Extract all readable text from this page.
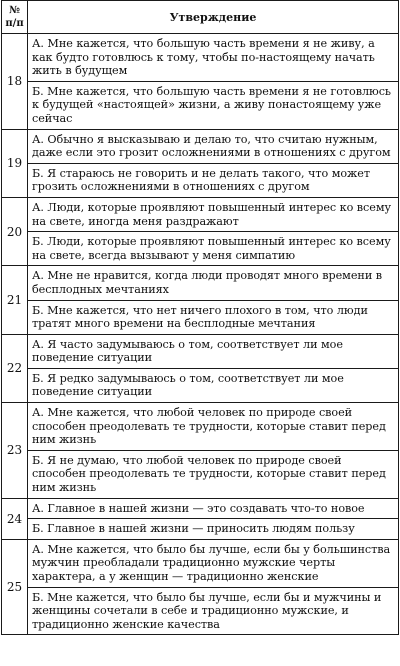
№
п/п	Утверждение
18	А. Мне кажется, что большую часть времени я не живу, а как будто готовлюсь к тому, чтобы по-настоящему начать жить в будущем
	Б. Мне кажется, что большую часть времени я не готовлюсь к будущей «настоящей» жизни, а живу понастоящему уже сейчас
19	А. Обычно я высказываю и делаю то, что считаю нужным, даже если это грозит осложнениями в отношениях с другом
	Б. Я стараюсь не говорить и не делать такого, что может грозить осложнениями в отношениях с другом
20	А. Люди, которые проявляют повышенный интерес ко всему на свете, иногда меня раздражают
	Б. Люди, которые проявляют повышенный интерес ко всему на свете, всегда вызывают у меня симпатию
21	А. Мне не нравится, когда люди проводят много времени в бесплодных мечтаниях
	Б. Мне кажется, что нет ничего плохого в том, что люди тратят много времени на бесплодные мечтания
22	А. Я часто задумываюсь о том, соответствует ли мое поведение ситуации
	Б. Я редко задумываюсь о том, соответствует ли мое поведение ситуации
23	А. Мне кажется, что любой человек по природе своей способен преодолевать те трудности, которые ставит перед ним жизнь
	Б. Я не думаю, что любой человек по природе своей способен преодолевать те трудности, которые ставит перед ним жизнь
24	А. Главное в нашей жизни — это создавать что-то новое
	Б. Главное в нашей жизни — приносить людям пользу
25	А. Мне кажется, что было бы лучше, если бы у большинства мужчин преобладали традиционно мужские черты характера, а у женщин — традиционно женские
	Б. Мне кажется, что было бы лучше, если бы и мужчины и женщины сочетали в себе и традиционно мужские, и традиционно женские качества
